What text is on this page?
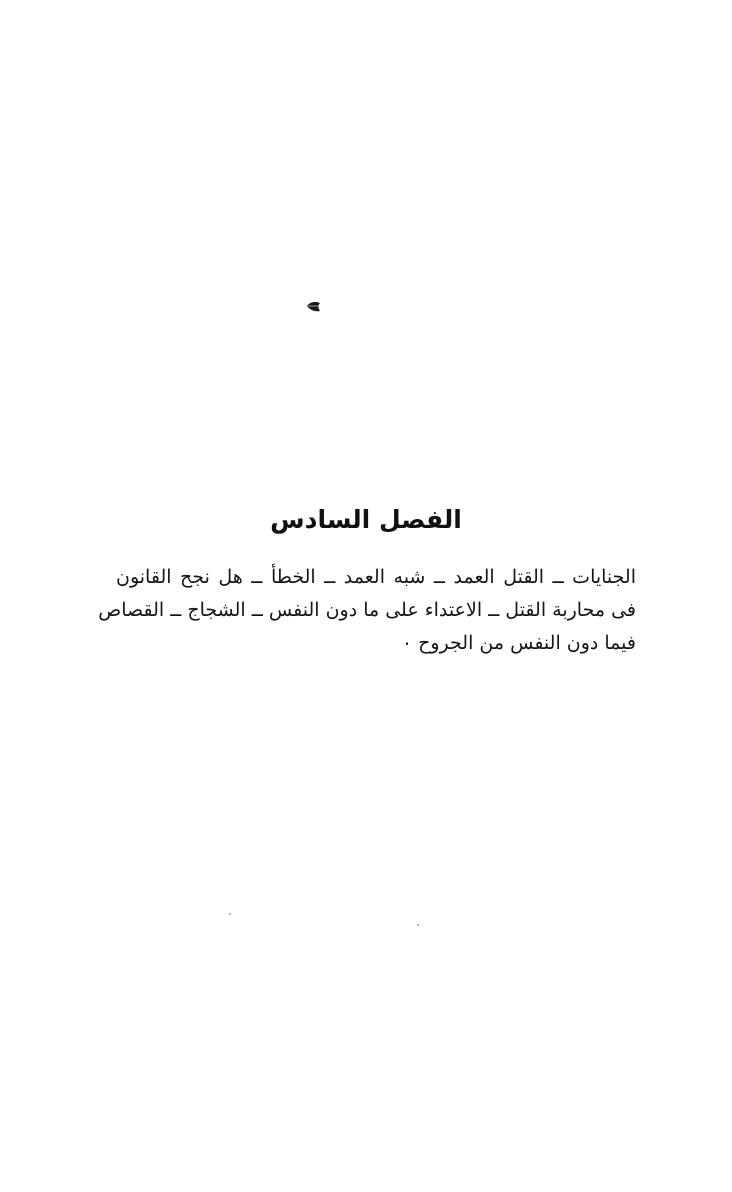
الفصل السادس
الجنايات ــ القتل العمد ــ شبه العمد ــ الخطأ ــ هل نجح القانون
فى محاربة القتل ــ الاعتداء على ما دون النفس ــ الشجاج ــ القصاص
فيما دون النفس من الجروح ٠
